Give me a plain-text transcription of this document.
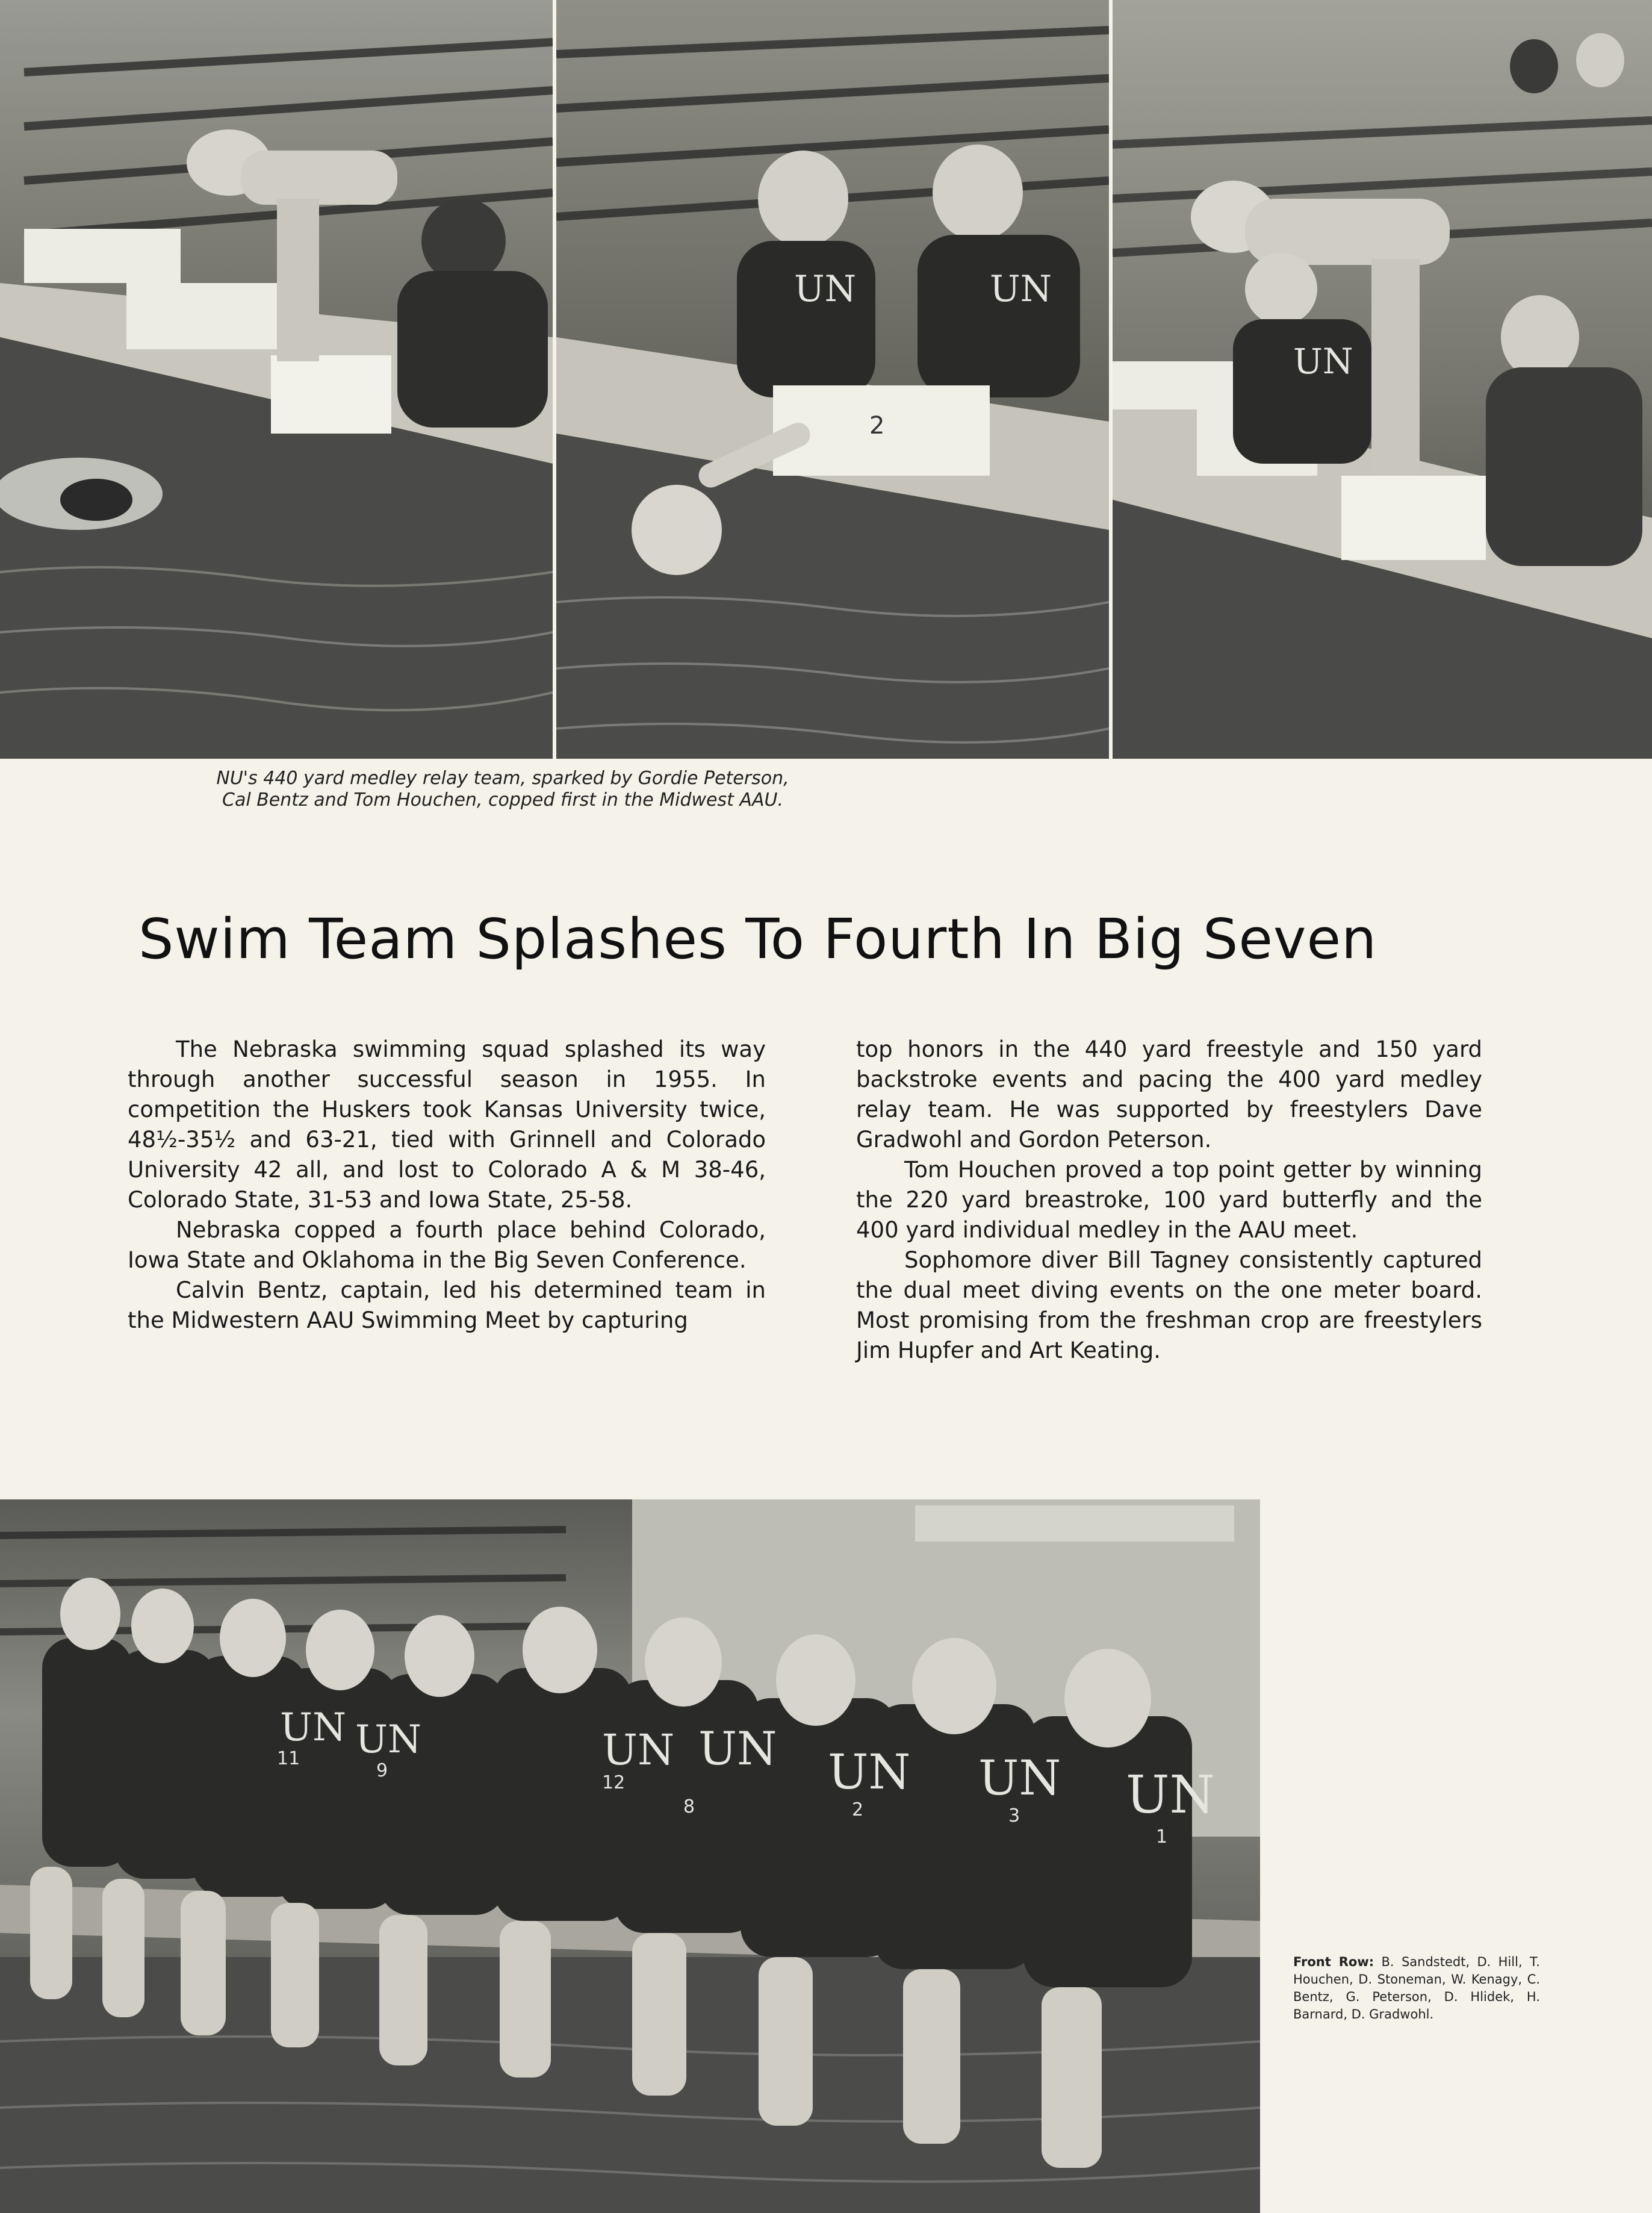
UN	UN
2
UN
NU's 440 yard medley relay team, sparked by Gordie Peterson,
Cal Bentz and Tom Houchen, copped first in the Midwest AAU.
Swim Team Splashes To Fourth In Big Seven

The Nebraska swimming squad splashed its way through another successful season in 1955. In competition the Huskers took Kansas University twice, 48½-35½ and 63-21, tied with Grinnell and Colorado University 42 all, and lost to Colorado A & M 38-46, Colorado State, 31-53 and Iowa State, 25-58.

Nebraska copped a fourth place behind Colorado, Iowa State and Oklahoma in the Big Seven Conference.

Calvin Bentz, captain, led his determined team in the Midwestern AAU Swimming Meet by capturing

top honors in the 440 yard freestyle and 150 yard backstroke events and pacing the 400 yard medley relay team. He was supported by freestylers Dave Gradwohl and Gordon Peterson.

Tom Houchen proved a top point getter by winning the 220 yard breastroke, 100 yard butterfly and the 400 yard individual medley in the AAU meet.

Sophomore diver Bill Tagney consistently captured the dual meet diving events on the one meter board. Most promising from the freshman crop are freestylers Jim Hupfer and Art Keating.

UN UN	UN UN UN UN UN
11
9
12
8	2	3
1
Front Row: B. Sandstedt, D. Hill, T. Houchen, D. Stoneman, W. Kenagy, C. Bentz, G. Peterson, D. Hlidek, H. Barnard, D. Gradwohl.
